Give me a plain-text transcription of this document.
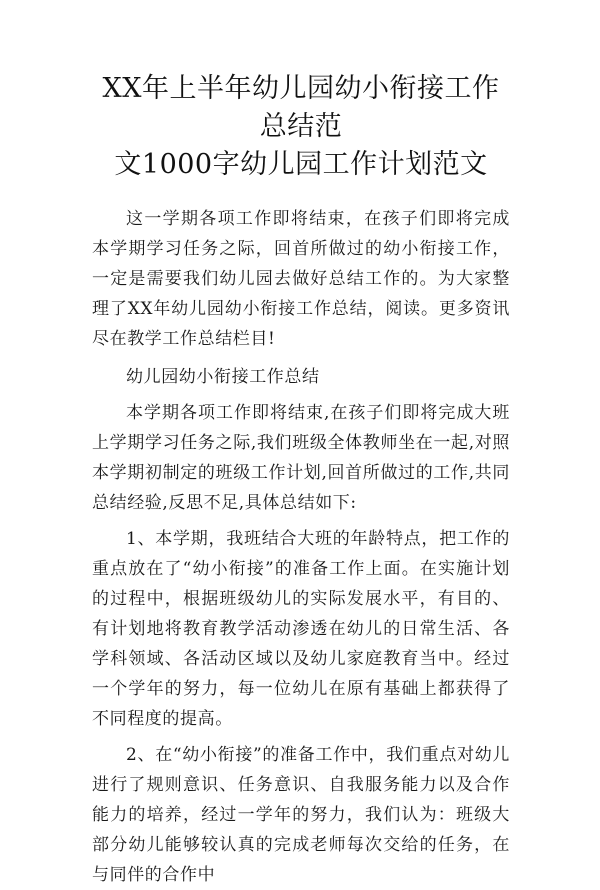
XX年上半年幼儿园幼小衔接工作总结范
文1000字幼儿园工作计划范文

这一学期各项工作即将结束，在孩子们即将完成本学期学习任务之际，回首所做过的幼小衔接工作，一定是需要我们幼儿园去做好总结工作的。为大家整理了XX年幼儿园幼小衔接工作总结，阅读。更多资讯尽在教学工作总结栏目!

幼儿园幼小衔接工作总结

本学期各项工作即将结束,在孩子们即将完成大班上学期学习任务之际,我们班级全体教师坐在一起,对照本学期初制定的班级工作计划,回首所做过的工作,共同总结经验,反思不足,具体总结如下:

1、本学期，我班结合大班的年龄特点，把工作的重点放在了“幼小衔接”的准备工作上面。在实施计划的过程中，根据班级幼儿的实际发展水平，有目的、有计划地将教育教学活动渗透在幼儿的日常生活、各学科领域、各活动区域以及幼儿家庭教育当中。经过一个学年的努力，每一位幼儿在原有基础上都获得了不同程度的提高。

2、在“幼小衔接”的准备工作中，我们重点对幼儿进行了规则意识、任务意识、自我服务能力以及合作能力的培养，经过一学年的努力，我们认为：班级大部分幼儿能够较认真的完成老师每次交给的任务，在与同伴的合作中
